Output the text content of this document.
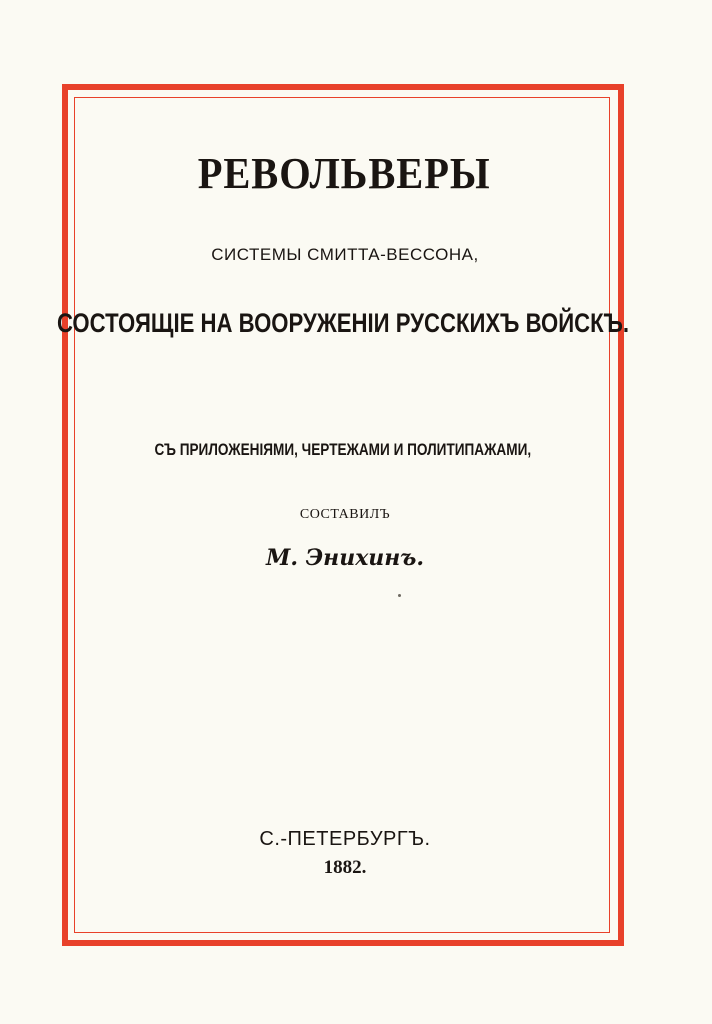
РЕВОЛЬВЕРЫ
СИСТЕМЫ СМИТТА-ВЕССОНА,
СОСТОЯЩІЕ НА ВООРУЖЕНІИ РУССКИХЪ ВОЙСКЪ.
СЪ ПРИЛОЖЕНІЯМИ, ЧЕРТЕЖАМИ И ПОЛИТИПАЖАМИ,
СОСТАВИЛЪ
М. Энихинъ.
С.-ПЕТЕРБУРГЪ.
1882.
